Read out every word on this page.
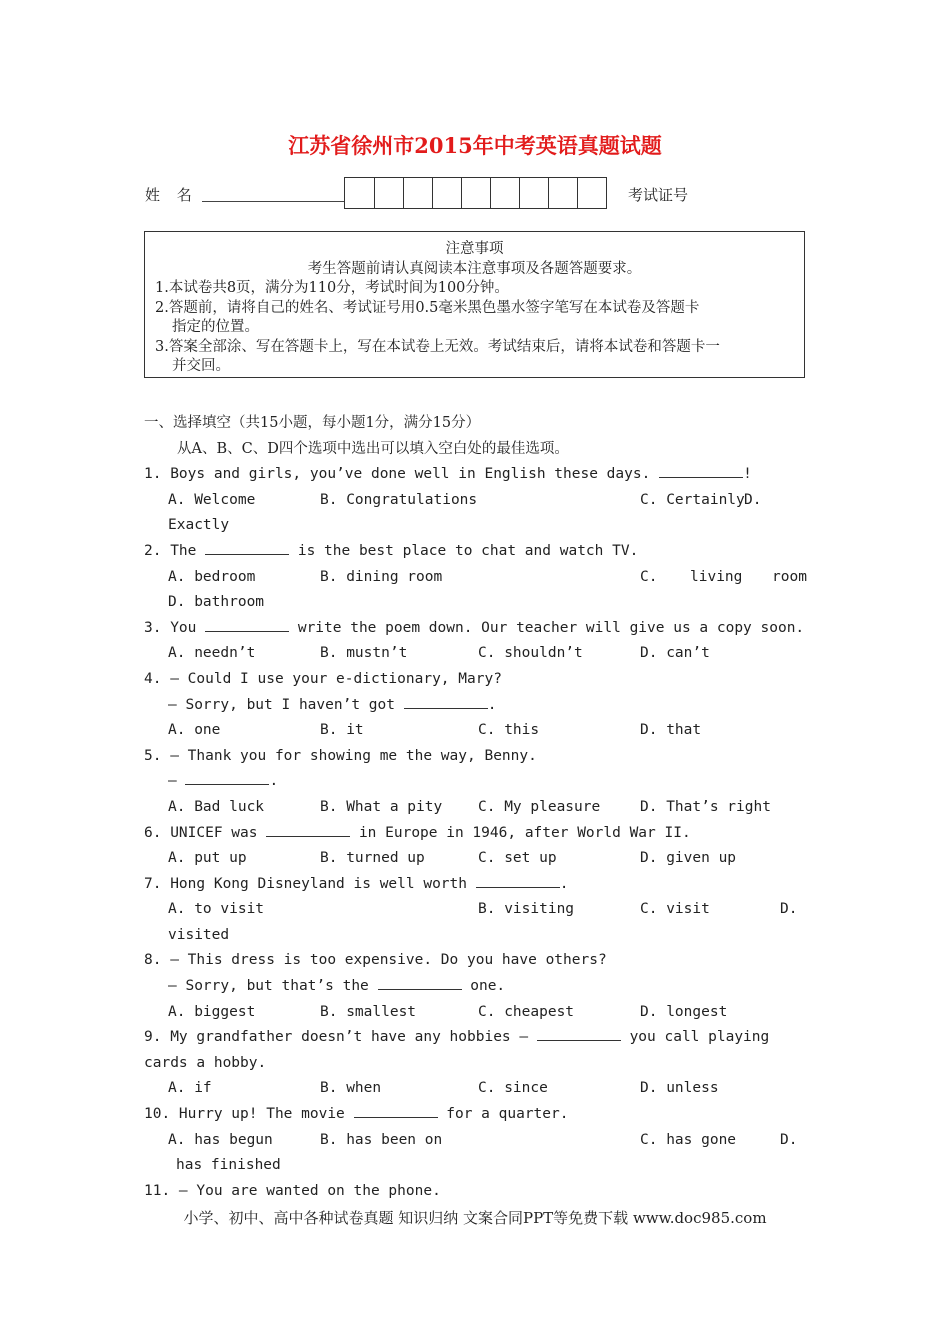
江苏省徐州市2015年中考英语真题试题
姓 名	考试证号
注意事项
考生答题前请认真阅读本注意事项及各题答题要求。
1.本试卷共8页，满分为110分，考试时间为100分钟。
2.答题前，请将自己的姓名、考试证号用0.5毫米黑色墨水签字笔写在本试卷及答题卡
指定的位置。
3.答案全部涂、写在答题卡上，写在本试卷上无效。考试结束后，请将本试卷和答题卡一
并交回。
一、选择填空（共15小题，每小题1分，满分15分）
从A、B、C、D四个选项中选出可以填入空白处的最佳选项。
1. Boys and girls, you’ve done well in English these days.	!

A. Welcome

	B. Congratulations

	C. Certainly

D.

Exactly
2. The	is the best place to chat and watch TV.

A. bedroom

	B. dining room

	C.

living

room

D. bathroom
3. You	write the poem down. Our teacher will give us a copy soon.

A. needn’t

	B. mustn’t

	C. shouldn’t

	D. can’t

4. — Could I use your e-dictionary, Mary?
— Sorry, but I haven’t got	.

A. one

	B. it

	C. this

	D. that

5. — Thank you for showing me the way, Benny.
—	.

A. Bad luck

	B. What a pity

C. My pleasure

	D. That’s right

6. UNICEF was	in Europe in 1946, after World War II.

A. put up

	B. turned up

	C. set up

	D. given up

7. Hong Kong Disneyland is well worth	.

A. to visit

	B. visiting

	C. visit

	D.

visited
8. — This dress is too expensive. Do you have others?
— Sorry, but that’s the	one.

A. biggest

	B. smallest

	C. cheapest

	D. longest

9. My grandfather doesn’t have any hobbies —	you call playing
cards a hobby.

A. if

	B. when

	C. since

	D. unless

10. Hurry up! The movie	for a quarter.

A. has begun

	B. has been on

	C. has gone

	D.

has finished
11. — You are wanted on the phone.
小学、初中、高中各种试卷真题 知识归纳 文案合同PPT等免费下载 www.doc985.com
